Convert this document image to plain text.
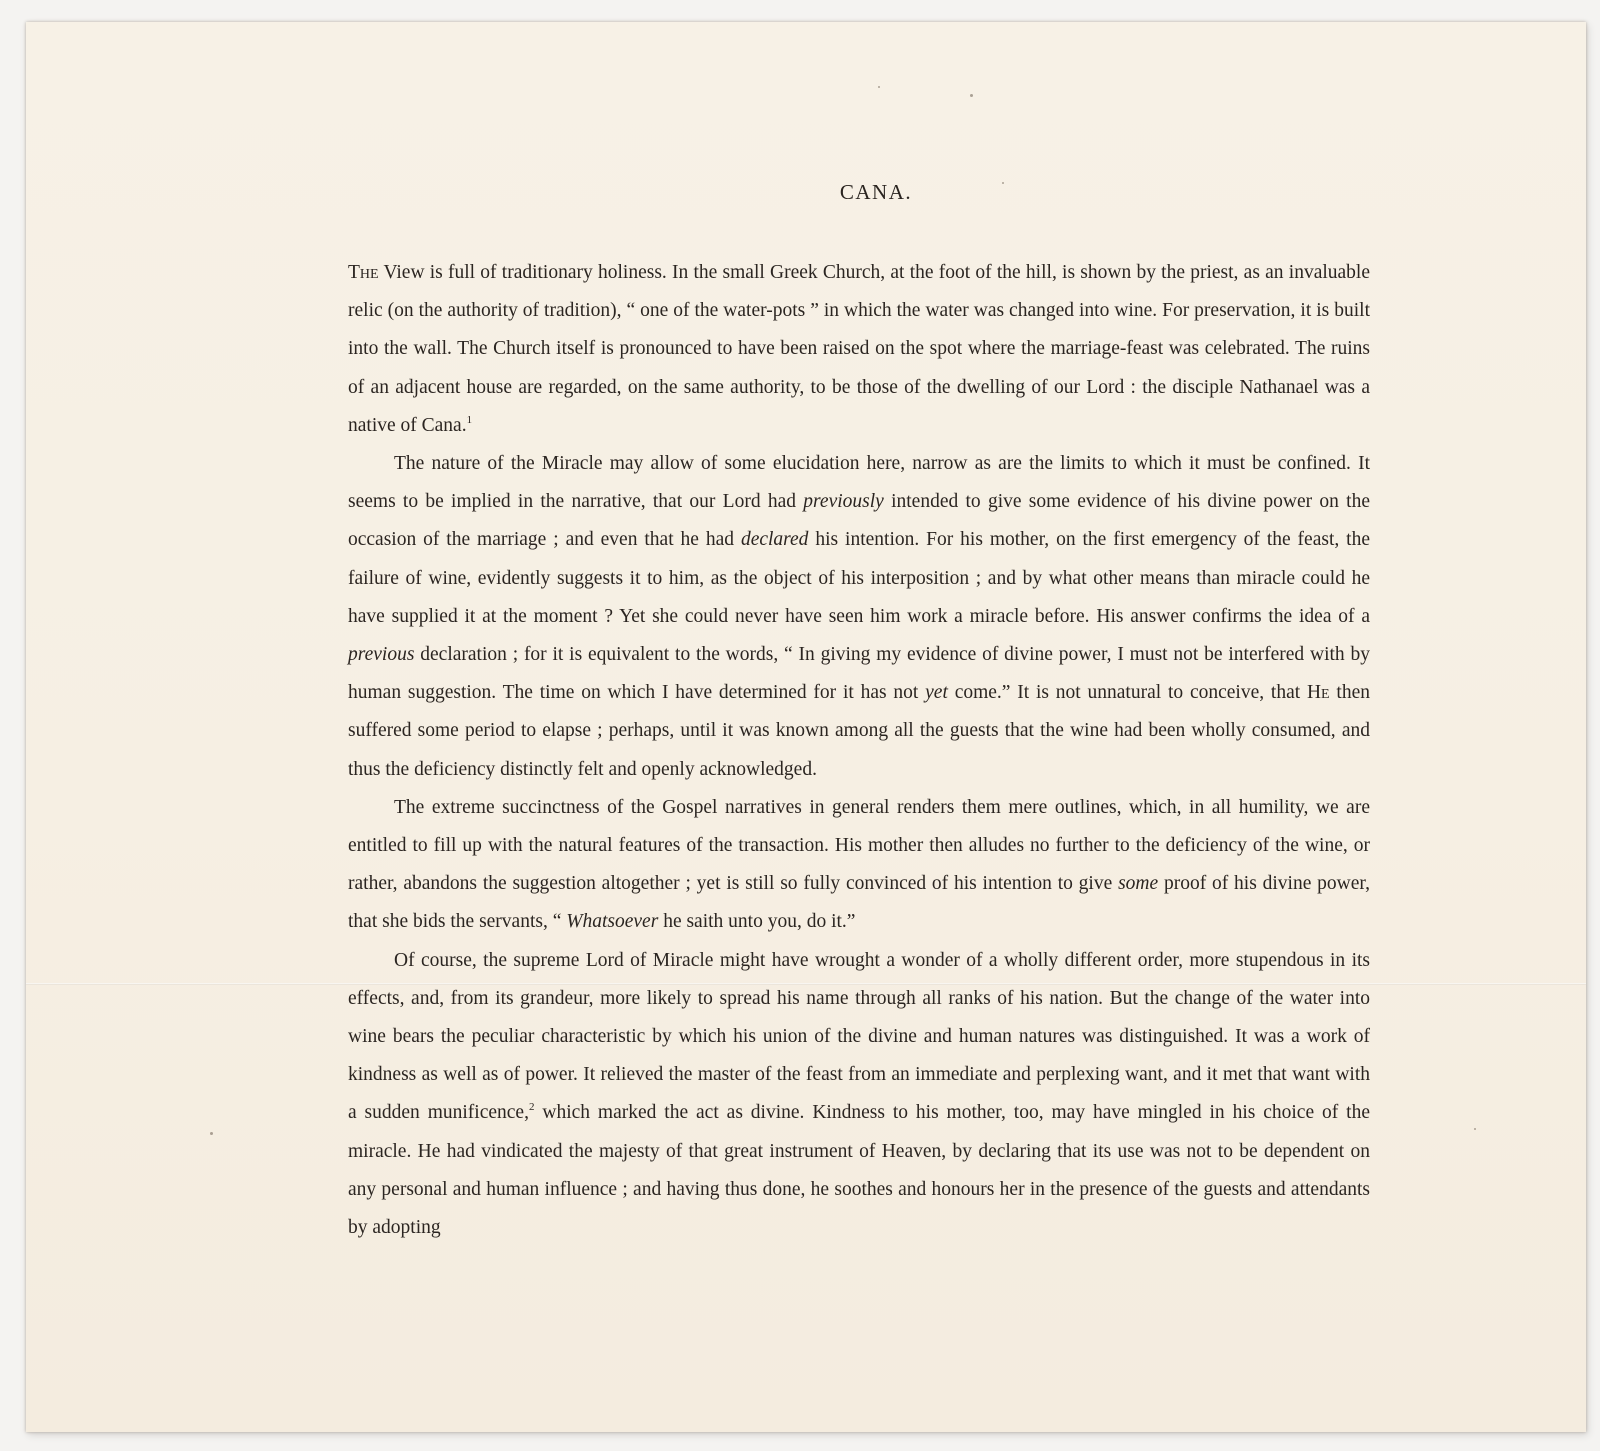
CANA.

The View is full of traditionary holiness. In the small Greek Church, at the foot of the hill, is shown by the priest, as an invaluable relic (on the authority of tradition), “ one of the water-pots ” in which the water was changed into wine. For preservation, it is built into the wall. The Church itself is pronounced to have been raised on the spot where the marriage-feast was celebrated. The ruins of an adjacent house are regarded, on the same authority, to be those of the dwelling of our Lord : the disciple Nathanael was a native of Cana.$^1$

The nature of the Miracle may allow of some elucidation here, narrow as are the limits to which it must be confined. It seems to be implied in the narrative, that our Lord had previously intended to give some evidence of his divine power on the occasion of the marriage ; and even that he had declared his intention. For his mother, on the first emergency of the feast, the failure of wine, evidently suggests it to him, as the object of his interposition ; and by what other means than miracle could he have supplied it at the moment ? Yet she could never have seen him work a miracle before. His answer confirms the idea of a previous declaration ; for it is equivalent to the words, “ In giving my evidence of divine power, I must not be interfered with by human suggestion. The time on which I have determined for it has not yet come.” It is not unnatural to conceive, that He then suffered some period to elapse ; perhaps, until it was known among all the guests that the wine had been wholly consumed, and thus the deficiency distinctly felt and openly acknowledged.

The extreme succinctness of the Gospel narratives in general renders them mere outlines, which, in all humility, we are entitled to fill up with the natural features of the transaction. His mother then alludes no further to the deficiency of the wine, or rather, abandons the suggestion altogether ; yet is still so fully convinced of his intention to give some proof of his divine power, that she bids the servants, “ Whatsoever he saith unto you, do it.”

Of course, the supreme Lord of Miracle might have wrought a wonder of a wholly different order, more stupendous in its effects, and, from its grandeur, more likely to spread his name through all ranks of his nation. But the change of the water into wine bears the peculiar characteristic by which his union of the divine and human natures was distinguished. It was a work of kindness as well as of power. It relieved the master of the feast from an immediate and perplexing want, and it met that want with a sudden munificence,$^2$ which marked the act as divine. Kindness to his mother, too, may have mingled in his choice of the miracle. He had vindicated the majesty of that great instrument of Heaven, by declaring that its use was not to be dependent on any personal and human influence ; and having thus done, he soothes and honours her in the presence of the guests and attendants by adopting
